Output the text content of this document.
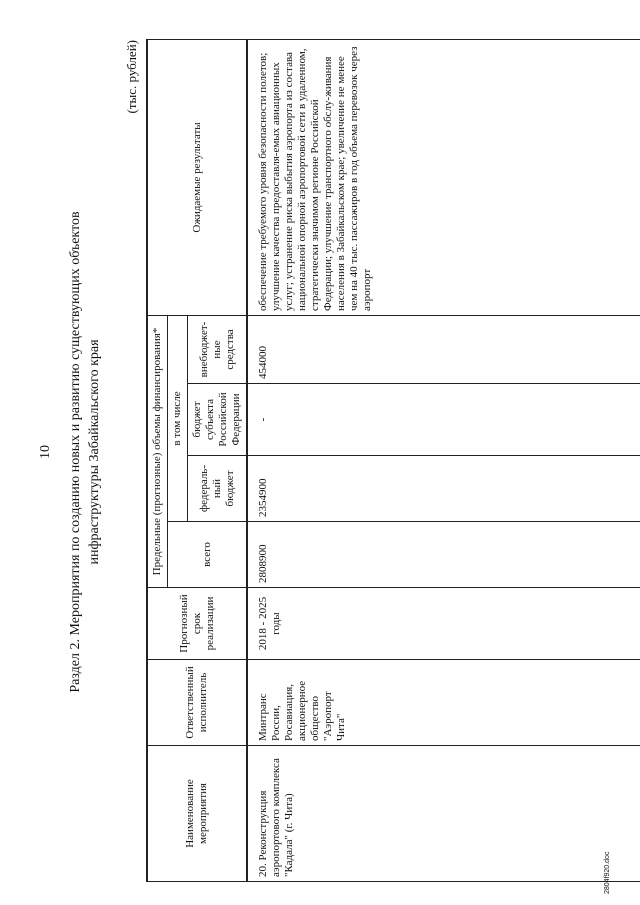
10 Раздел 2. Мероприятия по созданию новых и развитию существующих объектов инфраструктуры Забайкальского края
(тыс. рублей)
Наименование мероприятия	Ответственный исполнитель	Прогнозный срок реализации	Предельные (прогнозные) объемы финансирования*				Ожидаемые результаты
			всего	в том числе			
				федераль-ный бюджет	бюджет субъекта Российской Федерации	внебюджет-ные средства	

20. Реконструкция аэропортового комплекса "Кадала" (г. Чита)	Минтранс России, Росавиация, акционерное общество "Аэропорт Чита"	2018 - 2025 годы	2808900	2354900	-	454000	обеспечение требуемого уровня безопасности полетов; улучшение качества предоставля-емых авиационных услуг; устранение риска выбытия аэропорта из состава национальной опорной аэропортовой сети в удаленном, стратегически значимом регионе Российской Федерации; улучшение транспортного обслу-живания населения в Забайкальском крае; увеличение не менее чем на 40 тыс. пассажиров в год объема перевозок через аэропорт

2804f920.doc
